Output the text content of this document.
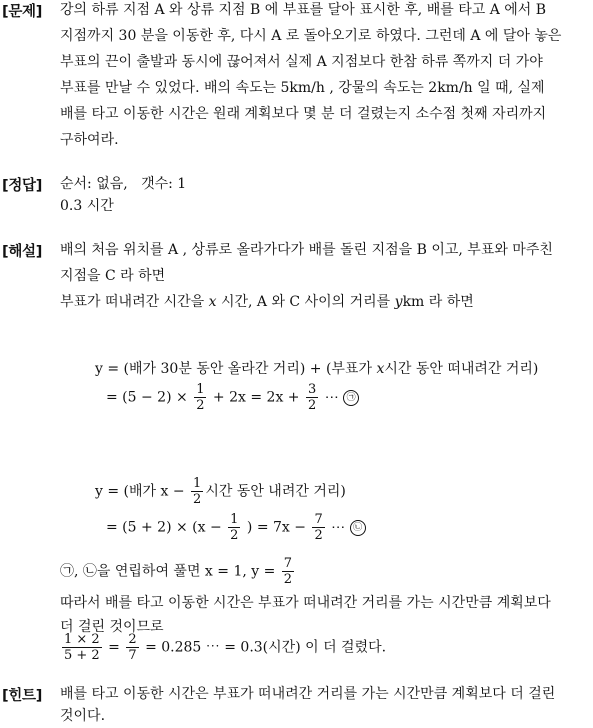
[문제] 강의 하류 지점 A 와 상류 지점 B 에 부표를 달아 표시한 후, 배를 타고 A 에서 B
지점까지 30 분을 이동한 후, 다시 A 로 돌아오기로 하였다. 그런데 A 에 달아 놓은
부표의 끈이 출발과 동시에 끊어져서 실제 A 지점보다 한참 하류 쪽까지 더 가야
부표를 만날 수 있었다. 배의 속도는 5km/h , 강물의 속도는 2km/h 일 때, 실제
배를 타고 이동한 시간은 원래 계획보다 몇 분 더 걸렸는지 소수점 첫째 자리까지
구하여라.
[정답] 순서: 없음, 갯수: 1
0.3 시간
[해설] 배의 처음 위치를 A , 상류로 올라가다가 배를 돌린 지점을 B 이고, 부표와 마주친
지점을 C 라 하면
부표가 떠내려간 시간을 x 시간, A 와 C 사이의 거리를 ykm 라 하면
y = (배가 30분 동안 올라간 거리) + (부표가 x시간 동안 떠내려간 거리)
= $(5 - 2) \times \frac{1}{2} + 2x = 2x + \frac{3}{2}$ ⋯ ㉠
y = (배가 $x - \frac{1}{2}$ 시간 동안 내려간 거리)
= $(5 + 2) \times (x - \frac{1}{2}$ ) = $7x - \frac{7}{2}$ ⋯ ㉡
㉠, ㉡을 연립하여 풀면 x = 1, $y = \frac{7}{2}$
따라서 배를 타고 이동한 시간은 부표가 떠내려간 거리를 가는 시간만큼 계획보다
더 걸린 것이므로
$\frac{1 \times 2}{5 + 2} = \frac{2}{7} = 0.285$ ⋯ = 0.3(시간) 이 더 걸렸다.
[힌트] 배를 타고 이동한 시간은 부표가 떠내려간 거리를 가는 시간만큼 계획보다 더 걸린
것이다.
